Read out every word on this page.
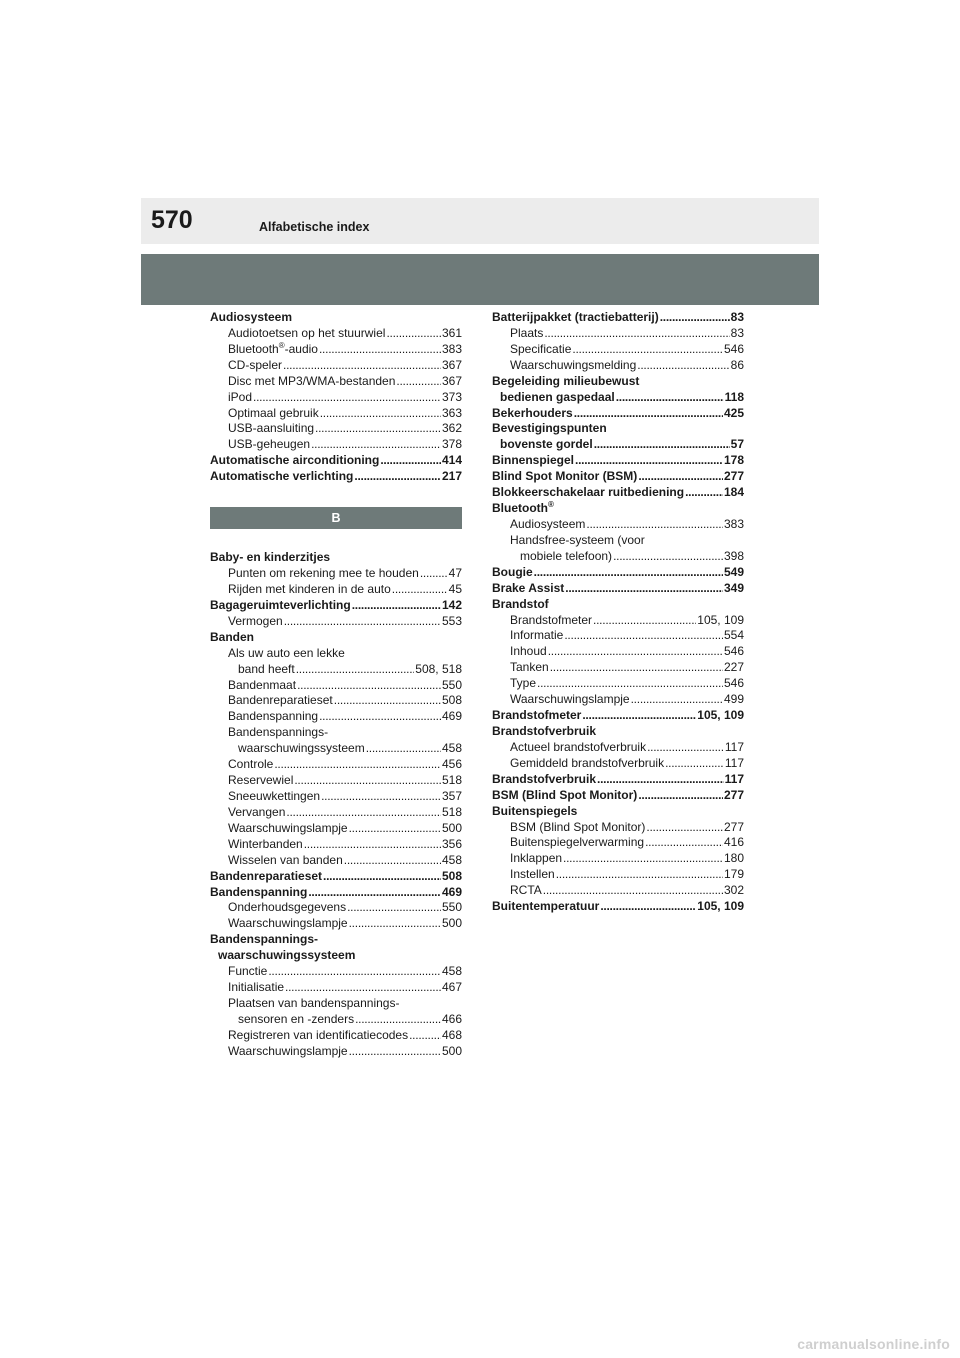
570	Alfabetische index
Audiosysteem
Audiotoetsen op het stuurwiel . . .	361
Bluetooth®-audio . . .	383
CD-speler . . .	367
Disc met MP3/WMA-bestanden . . .	367
iPod . . .	373
Optimaal gebruik . . .	363
USB-aansluiting . . .	362
USB-geheugen . . .	378
Automatische airconditioning . . .	414
Automatische verlichting . . .	217
B
Baby- en kinderzitjes
Punten om rekening mee te houden . . . 47
Rijden met kinderen in de auto . . .	45
Bagageruimteverlichting . . .	142
Vermogen . . .	553
Banden
Als uw auto een lekke
band heeft . . .	508, 518
Bandenmaat . . .	550
Bandenreparatieset . . .	508
Bandenspanning . . .	469
Bandenspannings-
waarschuwingssysteem . . .	458
Controle . . .	456
Reservewiel . . .	518
Sneeuwkettingen . . .	357
Vervangen . . .	518
Waarschuwingslampje . . .	500
Winterbanden . . .	356
Wisselen van banden . . .	458
Bandenreparatieset . . .	508
Bandenspanning . . .	469
Onderhoudsgegevens . . .	550
Waarschuwingslampje . . .	500
Bandenspannings-
waarschuwingssysteem
Functie . . .	458
Initialisatie . . .	467
Plaatsen van bandenspannings-
sensoren en -zenders . . .	466
Registreren van identificatiecodes . . .	468
Waarschuwingslampje . . .	500
Batterijpakket (tractiebatterij) . . .	83
Plaats . . .	83
Specificatie . . .	546
Waarschuwingsmelding . . .	86
Begeleiding milieubewust
bedienen gaspedaal . . .	118
Bekerhouders . . .	425
Bevestigingspunten
bovenste gordel . . .	57
Binnenspiegel . . .	178
Blind Spot Monitor (BSM) . . .	277
Blokkeerschakelaar ruitbediening . . .	184
Bluetooth®
Audiosysteem . . .	383
Handsfree-systeem (voor
mobiele telefoon) . . .	398
Bougie . . .	549
Brake Assist . . .	349
Brandstof
Brandstofmeter . . .	105, 109
Informatie . . .	554
Inhoud . . .	546
Tanken . . .	227
Type . . .	546
Waarschuwingslampje . . .	499
Brandstofmeter . . .	105, 109
Brandstofverbruik
Actueel brandstofverbruik . . .	117
Gemiddeld brandstofverbruik . . .	117
Brandstofverbruik . . .	117
BSM (Blind Spot Monitor) . . .	277
Buitenspiegels
BSM (Blind Spot Monitor) . . .	277
Buitenspiegelverwarming . . .	416
Inklappen . . .	180
Instellen . . .	179
RCTA . . .	302
Buitentemperatuur . . .	105, 109
carmanualsonline.info
